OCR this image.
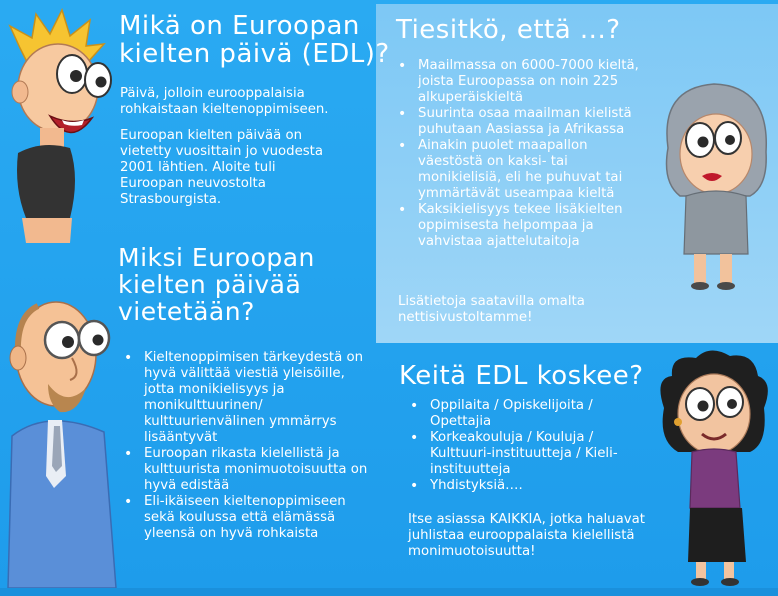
Mikä on Euroopan
kielten päivä (EDL)?

Päivä, jolloin eurooppalaisia rohkaistaan kieltenoppimiseen.

Euroopan kielten päivää on vietetty vuosittain jo vuodesta 2001 lähtien. Aloite tuli Euroopan neuvostolta Strasbourgista.

Miksi Euroopan
kielten päivää
vietetään?
• Kieltenoppimisen tärkeydestä on hyvä välittää viestiä yleisöille, jotta monikielisyys ja monikulttuurinen/ kulttuurienvälinen ymmärrys lisääntyvät
• Euroopan rikasta kielellistä ja kulttuurista monimuotoisuutta on hyvä edistää
• Eli-ikäiseen kieltenoppimiseen sekä koulussa että elämässä yleensä on hyvä rohkaista
Tiesitkö, että ...?
• Maailmassa on 6000-7000 kieltä, joista Euroopassa on noin 225 alkuperäiskieltä
• Suurinta osaa maailman kielistä puhutaan Aasiassa ja Afrikassa
• Ainakin puolet maapallon väestöstä on kaksi- tai monikielisiä, eli he puhuvat tai ymmärtävät useampaa kieltä
• Kaksikielisyys tekee lisäkielten oppimisesta helpompaa ja vahvistaa ajattelutaitoja
Lisätietoja saatavilla omalta nettisivustoltamme!
Keitä EDL koskee?
• Oppilaita / Opiskelijoita / Opettajia
• Korkeakouluja / Kouluja / Kulttuuri-instituutteja / Kieli-instituutteja
• Yhdistyksiä….
Itse asiassa KAIKKIA, jotka haluavat juhlistaa eurooppalaista kielellistä monimuotoisuutta!
